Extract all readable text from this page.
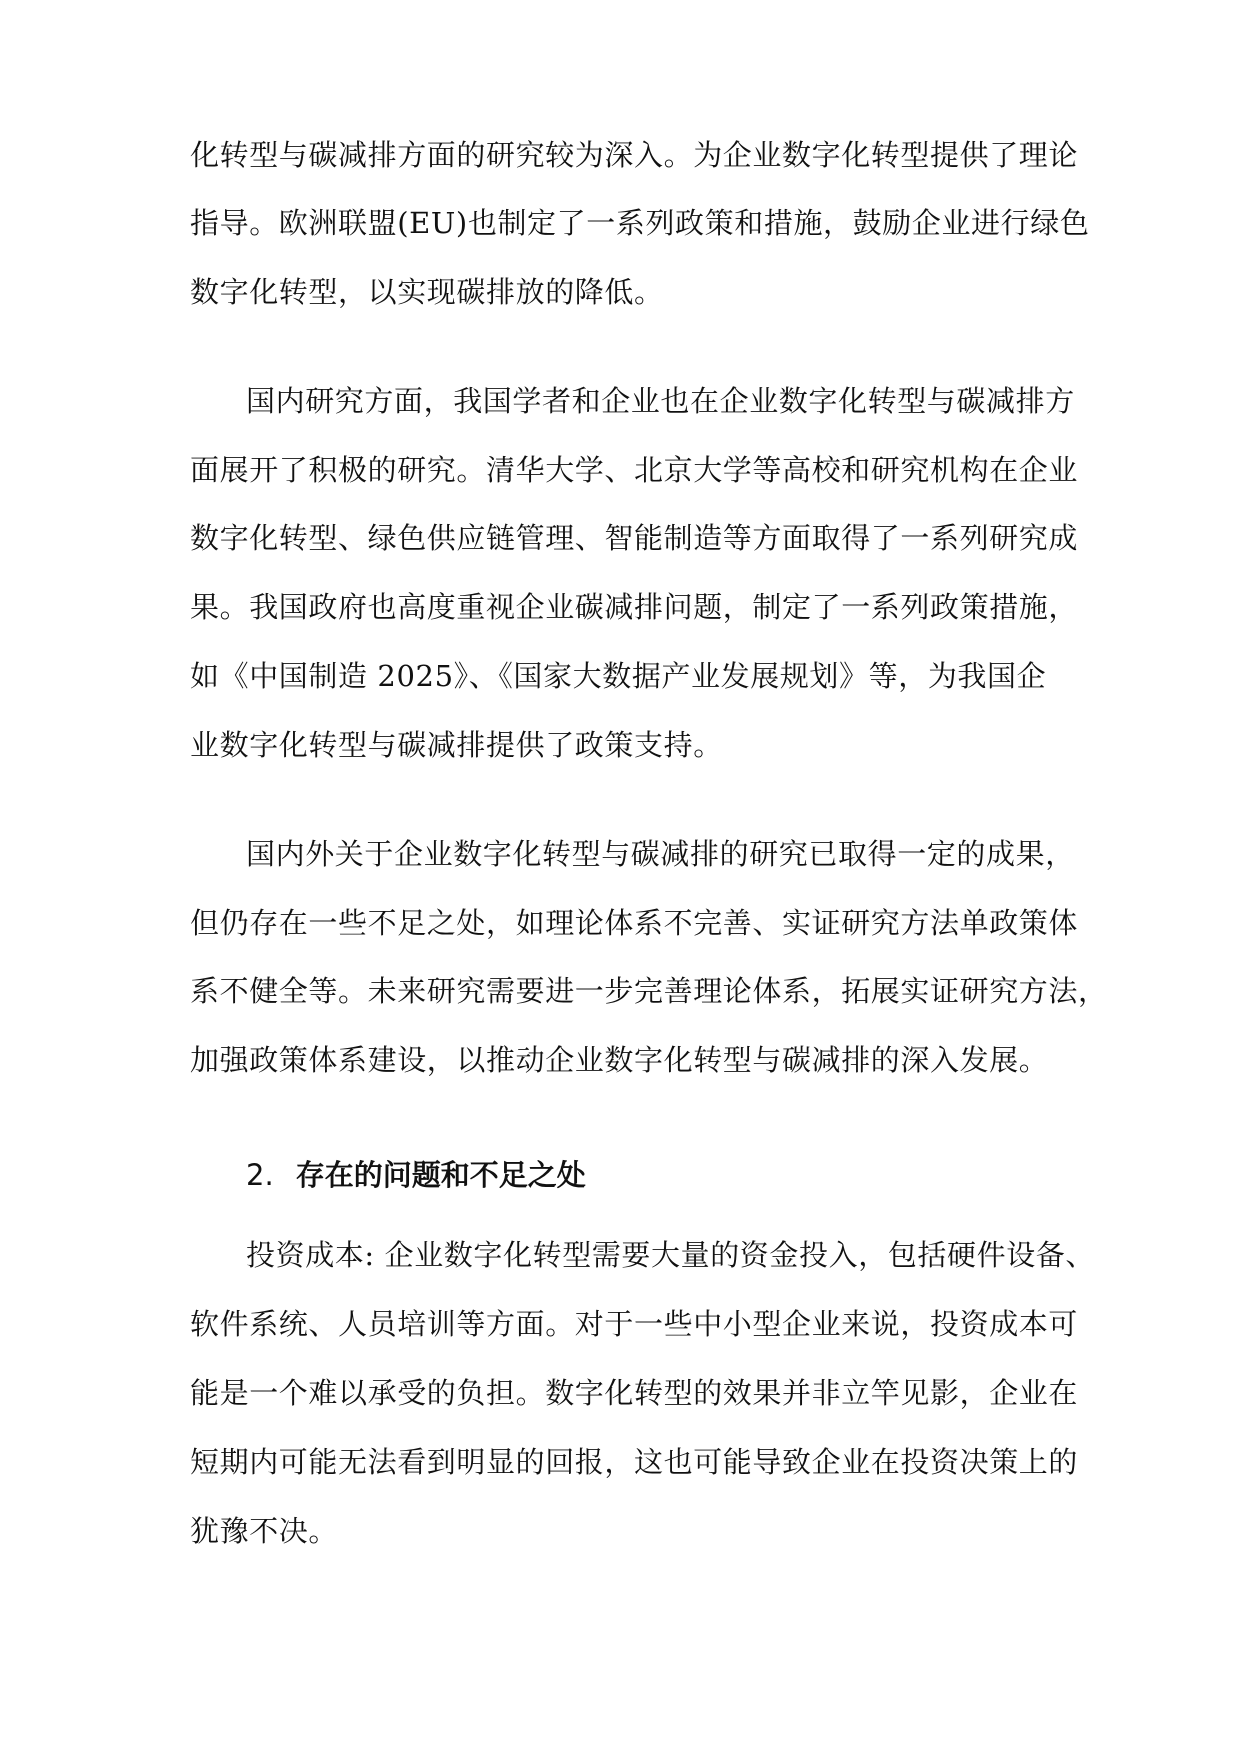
化转型与碳减排方面的研究较为深入。为企业数字化转型提供了理论
指导。欧洲联盟(EU)也制定了一系列政策和措施，鼓励企业进行绿色
数字化转型，以实现碳排放的降低。
国内研究方面，我国学者和企业也在企业数字化转型与碳减排方
面展开了积极的研究。清华大学、北京大学等高校和研究机构在企业
数字化转型、绿色供应链管理、智能制造等方面取得了一系列研究成
果。我国政府也高度重视企业碳减排问题，制定了一系列政策措施，
如《中国制造 2025》、《国家大数据产业发展规划》等，为我国企
业数字化转型与碳减排提供了政策支持。
国内外关于企业数字化转型与碳减排的研究已取得一定的成果，
但仍存在一些不足之处，如理论体系不完善、实证研究方法单政策体
系不健全等。未来研究需要进一步完善理论体系，拓展实证研究方法，
加强政策体系建设，以推动企业数字化转型与碳减排的深入发展。
2. 存在的问题和不足之处
投资成本: 企业数字化转型需要大量的资金投入，包括硬件设备、
软件系统、人员培训等方面。对于一些中小型企业来说，投资成本可
能是一个难以承受的负担。数字化转型的效果并非立竿见影，企业在
短期内可能无法看到明显的回报，这也可能导致企业在投资决策上的
犹豫不决。
